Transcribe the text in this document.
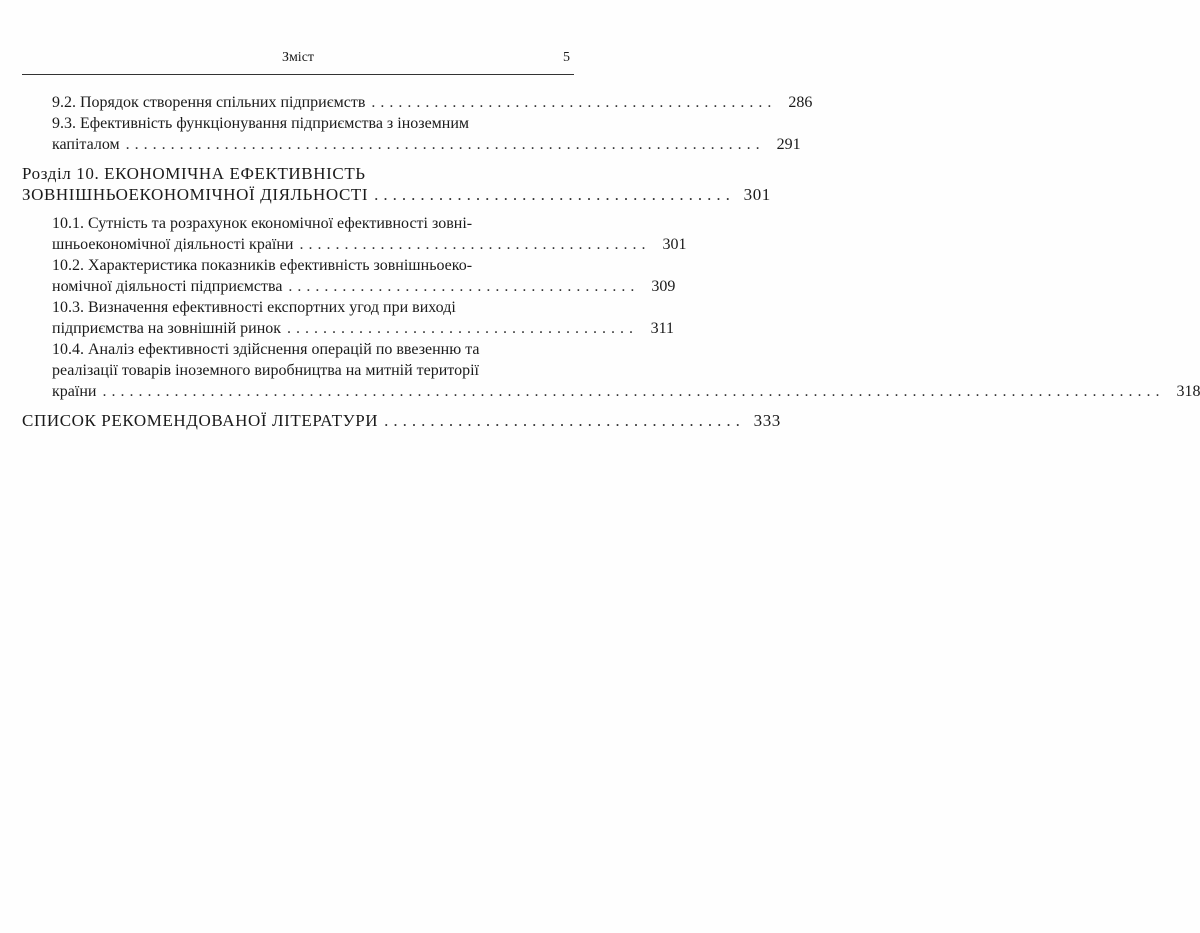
Зміст	5
9.2. Порядок створення спільних підприємств ............................................. 286
9.3. Ефективність функціонування підприємства з іноземним
капіталом ....................................................................... 291
Розділ 10. ЕКОНОМІЧНА ЕФЕКТИВНІСТЬ
ЗОВНІШНЬОЕКОНОМІЧНОЇ ДІЯЛЬНОСТІ ....................................... 301
10.1. Сутність та розрахунок економічної ефективності зовні-
шньоекономічної діяльності країни ....................................... 301
10.2. Характеристика показників ефективність зовнішньоеко-
номічної діяльності підприємства ....................................... 309
10.3. Визначення ефективності експортних угод при виході
підприємства на зовнішній ринок ....................................... 311
10.4. Аналіз ефективності здійснення операцій по ввезенню та
реалізації товарів іноземного виробництва на митній території
країни ...................................................................................................................... 318
СПИСОК РЕКОМЕНДОВАНОЇ ЛІТЕРАТУРИ ....................................... 333
